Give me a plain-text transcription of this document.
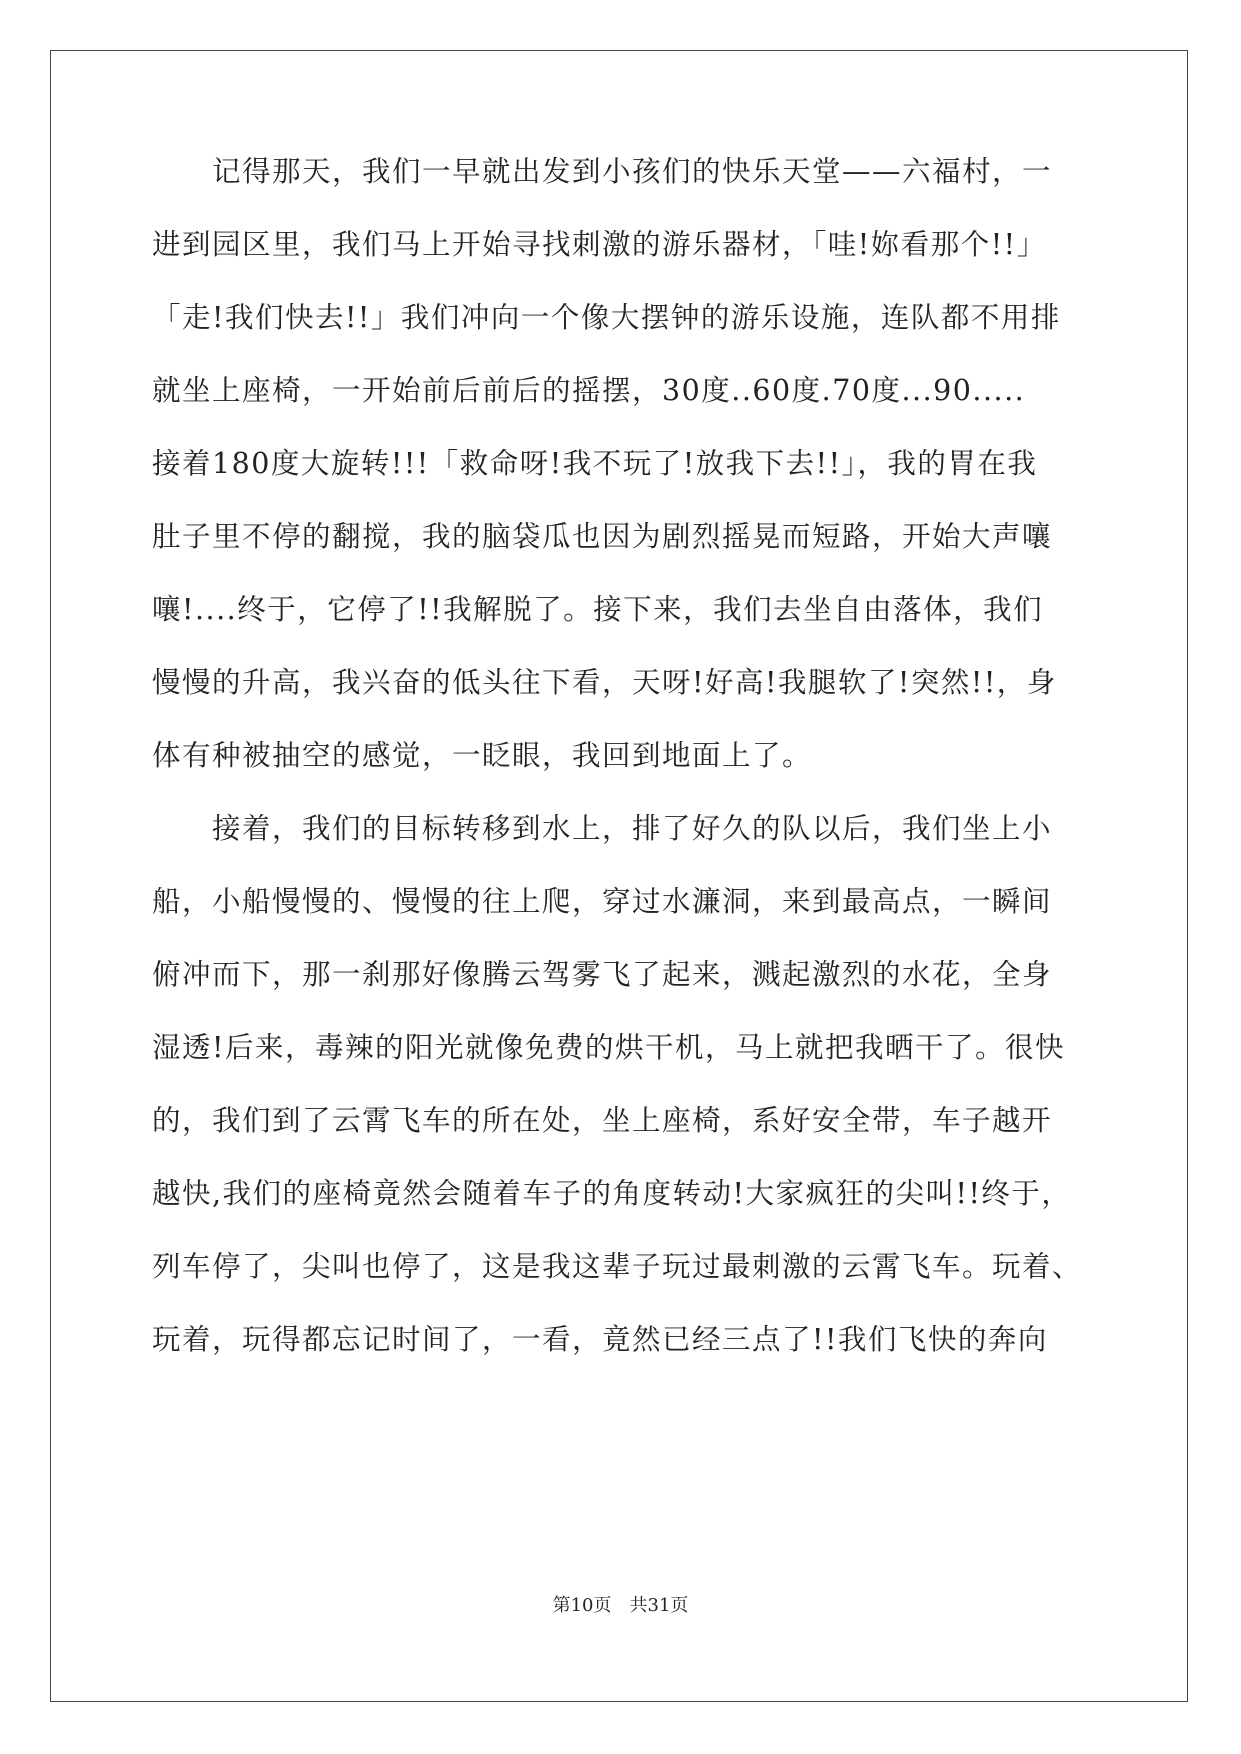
　　记得那天，我们一早就出发到小孩们的快乐天堂——六福村，一
进到园区里，我们马上开始寻找刺激的游乐器材，「哇!妳看那个!!」
「走!我们快去!!」我们冲向一个像大摆钟的游乐设施，连队都不用排
就坐上座椅，一开始前后前后的摇摆，30度..60度.70度...90.....
接着180度大旋转!!!「救命呀!我不玩了!放我下去!!」，我的胃在我
肚子里不停的翻搅，我的脑袋瓜也因为剧烈摇晃而短路，开始大声嚷
嚷!....终于，它停了!!我解脱了。接下来，我们去坐自由落体，我们
慢慢的升高，我兴奋的低头往下看，天呀!好高!我腿软了!突然!!，身
体有种被抽空的感觉，一眨眼，我回到地面上了。
　　接着，我们的目标转移到水上，排了好久的队以后，我们坐上小
船，小船慢慢的、慢慢的往上爬，穿过水濂洞，来到最高点，一瞬间
俯冲而下，那一刹那好像腾云驾雾飞了起来，溅起激烈的水花，全身
湿透!后来，毒辣的阳光就像免费的烘干机，马上就把我晒干了。很快
的，我们到了云霄飞车的所在处，坐上座椅，系好安全带，车子越开
越快,我们的座椅竟然会随着车子的角度转动!大家疯狂的尖叫!!终于，
列车停了，尖叫也停了，这是我这辈子玩过最刺激的云霄飞车。玩着、
玩着，玩得都忘记时间了，一看，竟然已经三点了!!我们飞快的奔向
第10页　共31页
